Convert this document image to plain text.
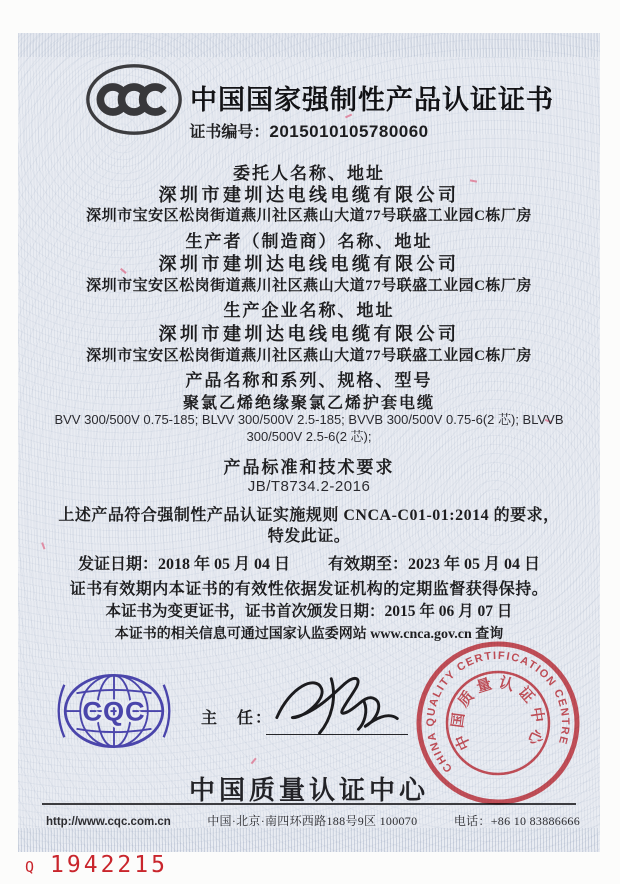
中国国家强制性产品认证证书
证书编号：2015010105780060
委托人名称、地址
深圳市建圳达电线电缆有限公司
深圳市宝安区松岗街道燕川社区燕山大道77号联盛工业园C栋厂房
生产者（制造商）名称、地址
深圳市建圳达电线电缆有限公司
深圳市宝安区松岗街道燕川社区燕山大道77号联盛工业园C栋厂房
生产企业名称、地址
深圳市建圳达电线电缆有限公司
深圳市宝安区松岗街道燕川社区燕山大道77号联盛工业园C栋厂房
产品名称和系列、规格、型号
聚氯乙烯绝缘聚氯乙烯护套电缆
BVV 300/500V 0.75-185; BLVV 300/500V 2.5-185; BVVB 300/500V 0.75-6(2 芯); BLVVB 300/500V 2.5-6(2 芯);
产品标准和技术要求
JB/T8734.2-2016
上述产品符合强制性产品认证实施规则 CNCA-C01-01:2014 的要求，
特发此证。
发证日期：2018 年 05 月 04 日 有效期至：2023 年 05 月 04 日
证书有效期内本证书的有效性依据发证机构的定期监督获得保持。
本证书为变更证书，证书首次颁发日期：2015 年 06 月 07 日
本证书的相关信息可通过国家认监委网站 www.cnca.gov.cn 查询
CQC	主　任：
CHINA QUALITY CERTIFICATION CENTRE
中国质量认证中心
中国质量认证中心
http://www.cqc.com.cn	中国·北京·南四环西路188号9区 100070	电话：+86 10 83886666
Q 1942215
